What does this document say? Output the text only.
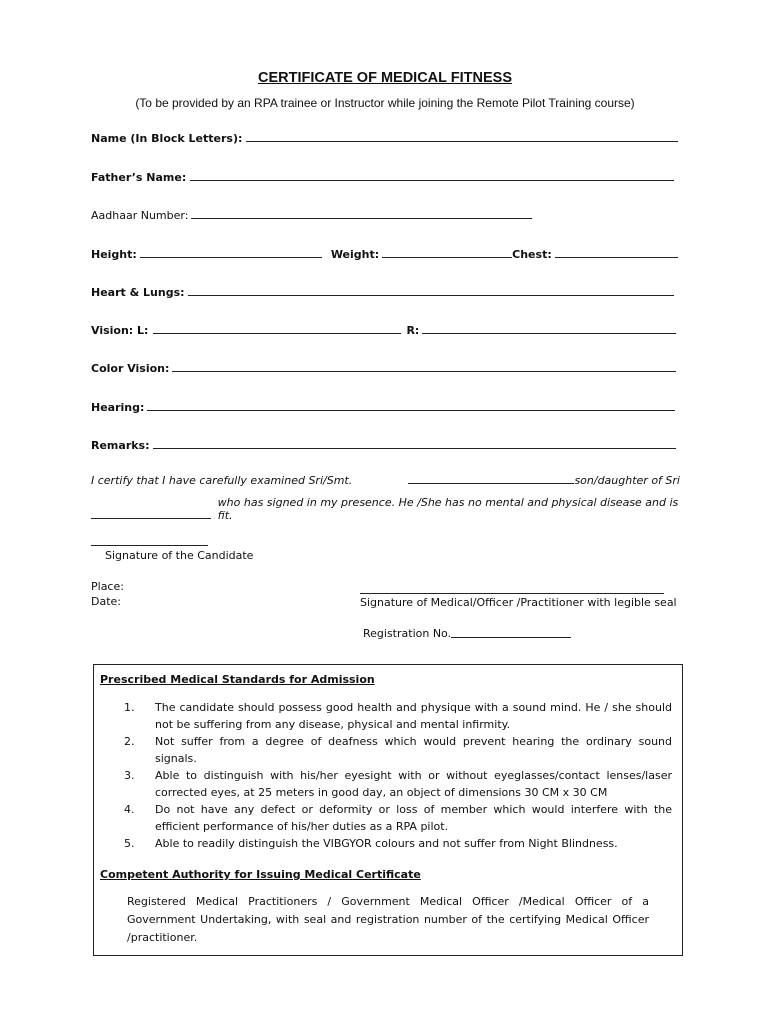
CERTIFICATE OF MEDICAL FITNESS
(To be provided by an RPA trainee or Instructor while joining the Remote Pilot Training course)
Name (In Block Letters):
Father’s Name:
Aadhaar Number:
Height:	Weight:	Chest:
Heart & Lungs:
Vision: L:	R:
Color Vision:
Hearing:
Remarks:
I certify that I have carefully examined Sri/Smt.	son/daughter of Sri
who has signed in my presence. He /She has no mental and physical disease and is fit.
Signature of the Candidate
Place:
Date:	Signature of Medical/Officer /Practitioner with legible seal
Registration No.
Prescribed Medical Standards for Admission
1.	The candidate should possess good health and physique with a sound mind. He / she should not be suffering from any disease, physical and mental infirmity.
2.	Not suffer from a degree of deafness which would prevent hearing the ordinary sound signals.
3.	Able to distinguish with his/her eyesight with or without eyeglasses/contact lenses/laser corrected eyes, at 25 meters in good day, an object of dimensions 30 CM x 30 CM
4.	Do not have any defect or deformity or loss of member which would interfere with the efficient performance of his/her duties as a RPA pilot.
5.	Able to readily distinguish the VIBGYOR colours and not suffer from Night Blindness.
Competent Authority for Issuing Medical Certificate
Registered Medical Practitioners / Government Medical Officer /Medical Officer of a Government Undertaking, with seal and registration number of the certifying Medical Officer /practitioner.
